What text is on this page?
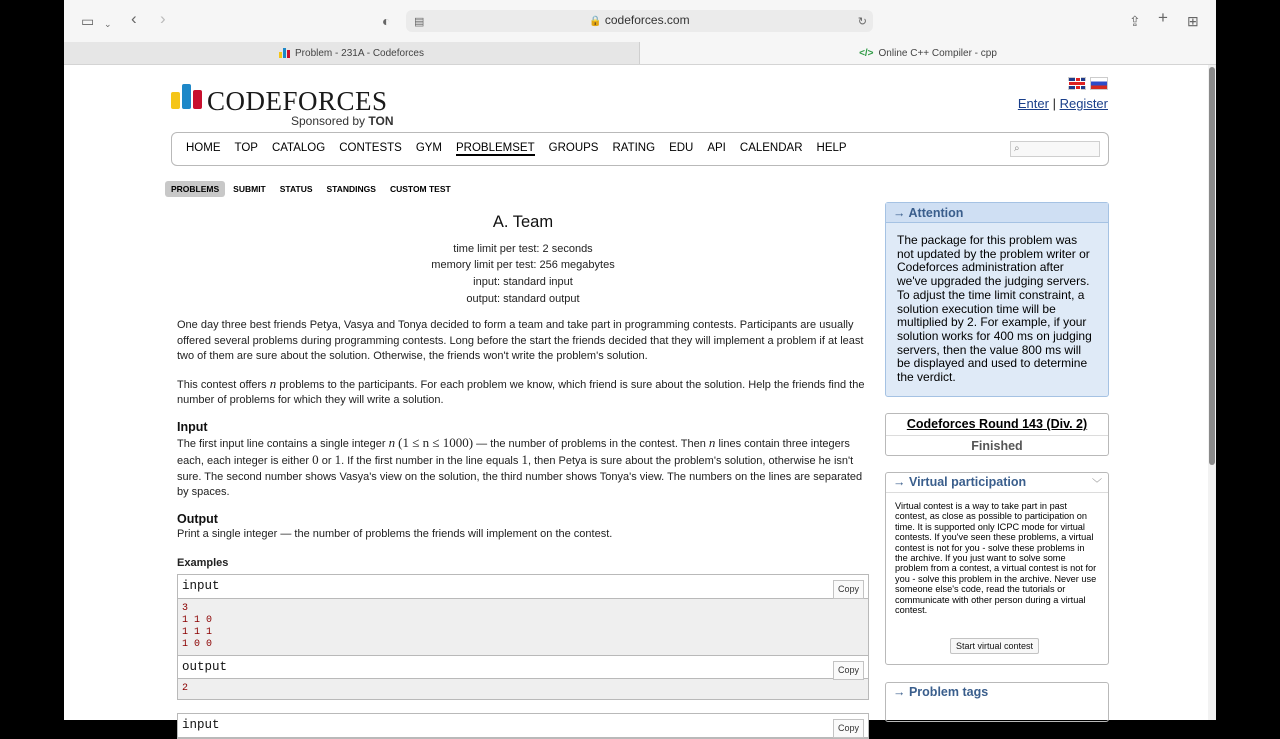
▭ ⌄ ‹ ›	◐ ▤	🔒 codeforces.com	↻	⇪ + ⊞
Problem - 231A - Codeforces	</> Online C++ Compiler - cpp
CODEFORCES
Sponsored by TON
Enter | Register
HOME TOP CATALOG CONTESTS GYM PROBLEMSET GROUPS RATING EDU API CALENDAR HELP	⌕
PROBLEMS	SUBMIT	STATUS	STANDINGS	CUSTOM TEST
A. Team
time limit per test: 2 seconds
memory limit per test: 256 megabytes
input: standard input
output: standard output

One day three best friends Petya, Vasya and Tonya decided to form a team and take part in programming contests. Participants are usually offered several problems during programming contests. Long before the start the friends decided that they will implement a problem if at least two of them are sure about the solution. Otherwise, the friends won't write the problem's solution.

This contest offers n problems to the participants. For each problem we know, which friend is sure about the solution. Help the friends find the number of problems for which they will write a solution.

Input

The first input line contains a single integer n (1 ≤ n ≤ 1000) — the number of problems in the contest. Then n lines contain three integers each, each integer is either 0 or 1. If the first number in the line equals 1, then Petya is sure about the problem's solution, otherwise he isn't sure. The second number shows Vasya's view on the solution, the third number shows Tonya's view. The numbers on the lines are separated by spaces.

Output

Print a single integer — the number of problems the friends will implement on the contest.

Examples
input	Copy
3
1 1 0
1 1 1
1 0 0
output	Copy
2
input	Copy
→ Attention
The package for this problem was not updated by the problem writer or Codeforces administration after we've upgraded the judging servers. To adjust the time limit constraint, a solution execution time will be multiplied by 2. For example, if your solution works for 400 ms on judging servers, then the value 800 ms will be displayed and used to determine the verdict.
Codeforces Round 143 (Div. 2)
Finished
→ Virtual participation	﹀
Virtual contest is a way to take part in past contest, as close as possible to participation on time. It is supported only ICPC mode for virtual contests. If you've seen these problems, a virtual contest is not for you - solve these problems in the archive. If you just want to solve some problem from a contest, a virtual contest is not for you - solve this problem in the archive. Never use someone else's code, read the tutorials or communicate with other person during a virtual contest.
Start virtual contest
→ Problem tags
